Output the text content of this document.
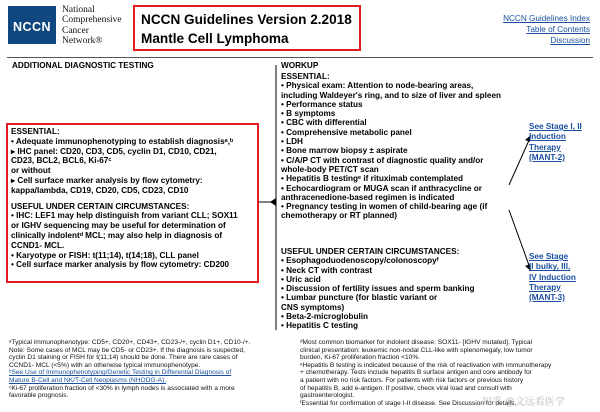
NCCN
National
Comprehensive
Cancer
Network®
NCCN Guidelines Version 2.2018
Mantle Cell Lymphoma
NCCN Guidelines Index
Table of Contents
Discussion
ADDITIONAL DIAGNOSTIC TESTING	WORKUP
ESSENTIAL:
• Adequate immunophenotyping to establish diagnosisᵃ,ᵇ
▸ IHC panel: CD20, CD3, CD5, cyclin D1, CD10, CD21,
CD23, BCL2, BCL6, Ki-67ᶜ
or without
▸ Cell surface marker analysis by flow cytometry:
kappa/lambda, CD19, CD20, CD5, CD23, CD10
USEFUL UNDER CERTAIN CIRCUMSTANCES:
• IHC: LEF1 may help distinguish from variant CLL; SOX11
or IGHV sequencing may be useful for determination of
clinically indolentᵈ MCL; may also help in diagnosis of
CCND1- MCL.
• Karyotype or FISH: t(11;14), t(14;18), CLL panel
• Cell surface marker analysis by flow cytometry: CD200
ESSENTIAL:
• Physical exam: Attention to node-bearing areas,
including Waldeyer's ring, and to size of liver and spleen
• Performance status
• B symptoms
• CBC with differential
• Comprehensive metabolic panel
• LDH
• Bone marrow biopsy ± aspirate
• C/A/P CT with contrast of diagnostic quality and/or
whole-body PET/CT scan
• Hepatitis B testingᵉ if rituximab contemplated
• Echocardiogram or MUGA scan if anthracycline or
anthracenedione-based regimen is indicated
• Pregnancy testing in women of child-bearing age (if
chemotherapy or RT planned)
USEFUL UNDER CERTAIN CIRCUMSTANCES:
• Esophagoduodenoscopy/colonoscopyᶠ
• Neck CT with contrast
• Uric acid
• Discussion of fertility issues and sperm banking
• Lumbar puncture (for blastic variant or
CNS symptoms)
• Beta-2-microglobulin
• Hepatitis C testing
See Stage I, II
Induction
Therapy
(MANT-2)
See Stage
II bulky, III,
IV Induction
Therapy
(MANT-3)
ᵃTypical immunophenotype: CD5+, CD20+, CD43+, CD23-/+, cyclin D1+, CD10-/+.
Note: Some cases of MCL may be CD5- or CD23+. If the diagnosis is suspected,
cyclin D1 staining or FISH for t(11;14) should be done. There are rare cases of
CCND1- MCL (<5%) with an otherwise typical immunophenotype.
ᵇSee Use of Immunophenotyping/Genetic Testing in Differential Diagnosis of
Mature B-Cell and NK/T-Cell Neoplasms (NHODG-A).
ᶜKi-67 proliferation fraction of <30% in lymph nodes is associated with a more
favorable prognosis.
ᵈMost common biomarker for indolent disease: SOX11- [IGHV mutated]. Typical
clinical presentation: leukemic non-nodal CLL-like with splenomegaly, low tumor
burden, Ki-67 proliferation fraction <10%.
ᵉHepatitis B testing is indicated because of the risk of reactivation with immunotherapy
+ chemotherapy. Tests include hepatitis B surface antigen and core antibody for
a patient with no risk factors. For patients with risk factors or previous history
of hepatitis B, add e-antigen. If positive, check viral load and consult with
gastroenterologist.
ᶠEssential for confirmation of stage I-II disease. See Discussion for details.
知乎 @文远看医学
